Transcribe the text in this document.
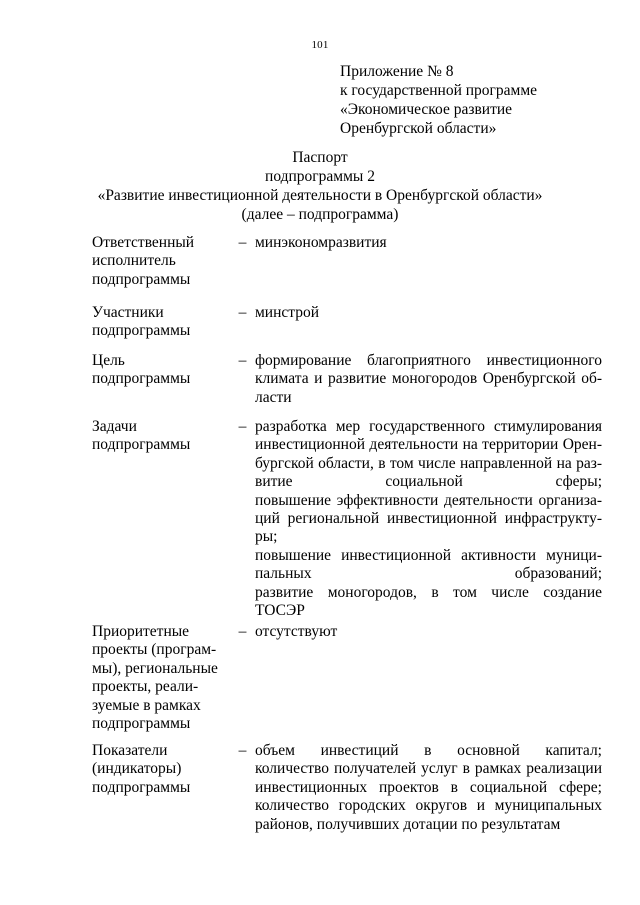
101
Приложение № 8
к государственной программе
«Экономическое развитие
Оренбургской области»
Паспорт
подпрограммы 2
«Развитие инвестиционной деятельности в Оренбургской области»
(далее – подпрограмма)
Ответственный
исполнитель
подпрограммы
– минэкономразвития

Участники
подпрограммы
– минстрой

Цель
подпрограммы
– формирование благоприятного инвестиционного

климата и развитие моногородов Оренбургской об-

ласти

Задачи
подпрограммы
– разработка мер государственного стимулирования

инвестиционной деятельности на территории Орен-

бургской области, в том числе направленной на раз-

витие социальной сферы;

повышение эффективности деятельности организа-

ций региональной инвестиционной инфраструкту-

ры;

повышение инвестиционной активности муници-

пальных образований;

развитие моногородов, в том числе создание

ТОСЭР

Приоритетные
проекты (програм-
мы), региональные
проекты, реали-
зуемые в рамках
подпрограммы
– отсутствуют

Показатели
(индикаторы)
подпрограммы
– объем инвестиций в основной капитал;

количество получателей услуг в рамках реализации

инвестиционных проектов в социальной сфере;

количество городских округов и муниципальных

районов, получивших дотации по результатам
